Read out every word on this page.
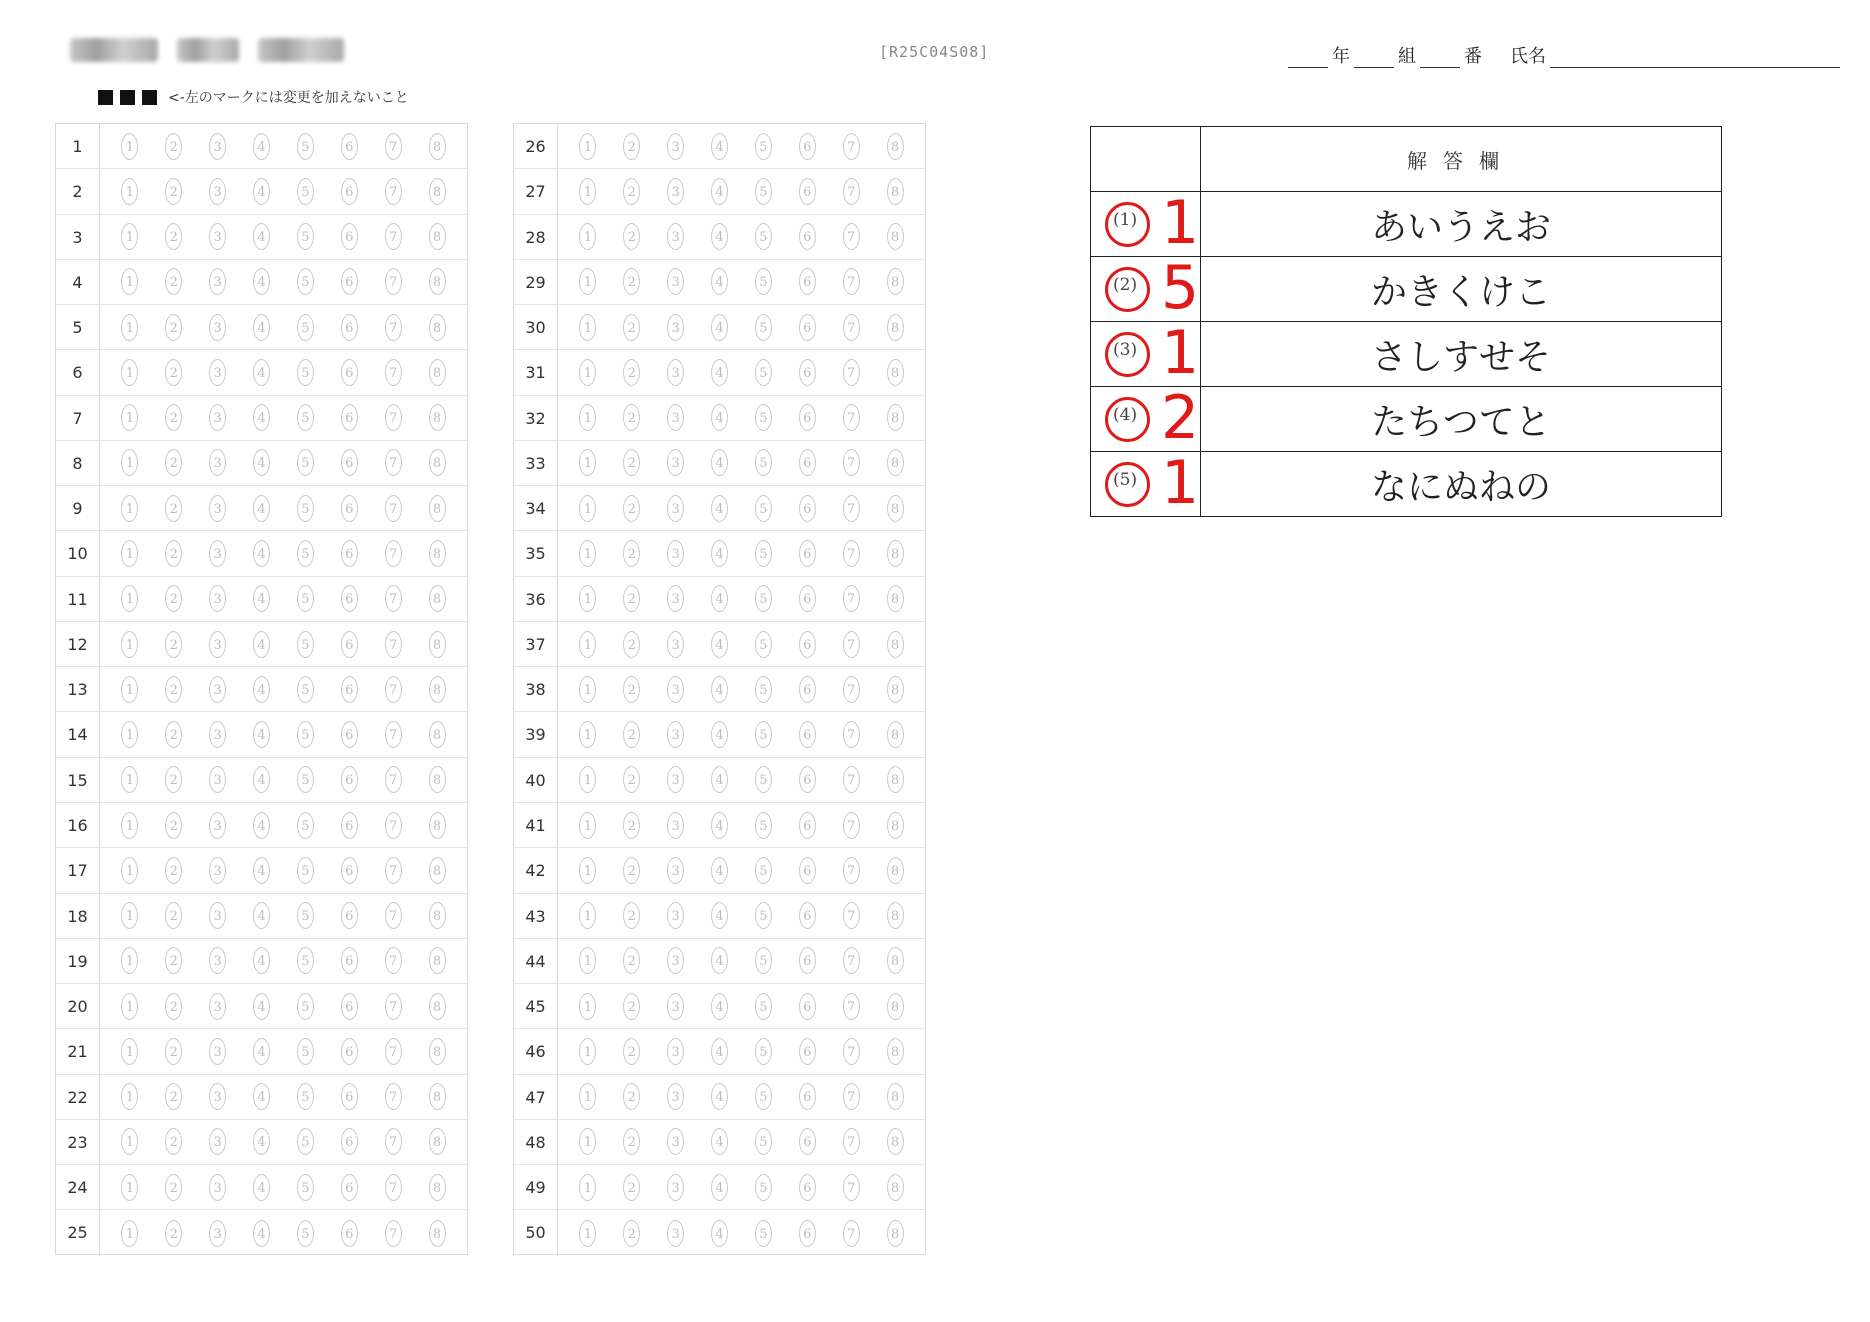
[R25C04S08]
<-左のマークには変更を加えないこと
年	組	番 氏名
1	1	2	3	4	5	6	7	8
2	1	2	3	4	5	6	7	8
3	1	2	3	4	5	6	7	8
4	1	2	3	4	5	6	7	8
5	1	2	3	4	5	6	7	8
6	1	2	3	4	5	6	7	8
7	1	2	3	4	5	6	7	8
8	1	2	3	4	5	6	7	8
9	1	2	3	4	5	6	7	8
10	1	2	3	4	5	6	7	8
11	1	2	3	4	5	6	7	8
12	1	2	3	4	5	6	7	8
13	1	2	3	4	5	6	7	8
14	1	2	3	4	5	6	7	8
15	1	2	3	4	5	6	7	8
16	1	2	3	4	5	6	7	8
17	1	2	3	4	5	6	7	8
18	1	2	3	4	5	6	7	8
19	1	2	3	4	5	6	7	8
20	1	2	3	4	5	6	7	8
21	1	2	3	4	5	6	7	8
22	1	2	3	4	5	6	7	8
23	1	2	3	4	5	6	7	8
24	1	2	3	4	5	6	7	8
25	1	2	3	4	5	6	7	8
26	1	2	3	4	5	6	7	8
27	1	2	3	4	5	6	7	8
28	1	2	3	4	5	6	7	8
29	1	2	3	4	5	6	7	8
30	1	2	3	4	5	6	7	8
31	1	2	3	4	5	6	7	8
32	1	2	3	4	5	6	7	8
33	1	2	3	4	5	6	7	8
34	1	2	3	4	5	6	7	8
35	1	2	3	4	5	6	7	8
36	1	2	3	4	5	6	7	8
37	1	2	3	4	5	6	7	8
38	1	2	3	4	5	6	7	8
39	1	2	3	4	5	6	7	8
40	1	2	3	4	5	6	7	8
41	1	2	3	4	5	6	7	8
42	1	2	3	4	5	6	7	8
43	1	2	3	4	5	6	7	8
44	1	2	3	4	5	6	7	8
45	1	2	3	4	5	6	7	8
46	1	2	3	4	5	6	7	8
47	1	2	3	4	5	6	7	8
48	1	2	3	4	5	6	7	8
49	1	2	3	4	5	6	7	8
50	1	2	3	4	5	6	7	8
	解答欄

(1) 1	あいうえお

(2) 5	かきくけこ

(3) 1	さしすせそ

(4) 2	たちつてと

(5) 1	なにぬねの
